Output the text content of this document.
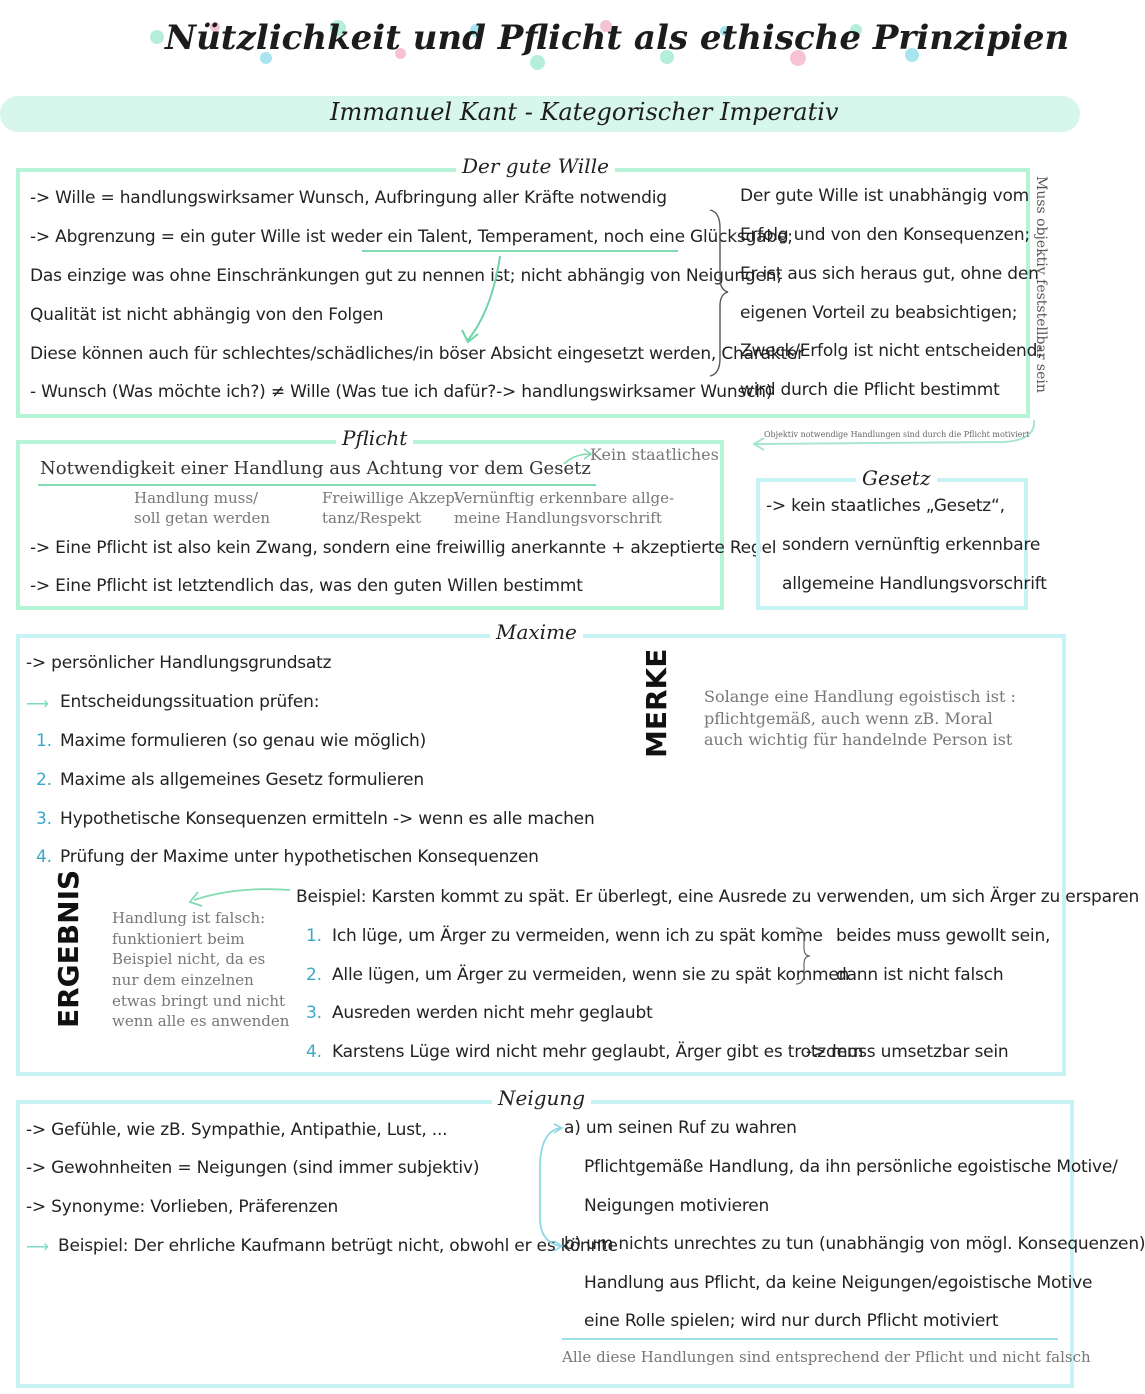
Nützlichkeit und Pflicht als ethische Prinzipien
Immanuel Kant - Kategorischer Imperativ
Der gute Wille
-> Wille = handlungswirksamer Wunsch, Aufbringung aller Kräfte notwendig
-> Abgrenzung = ein guter Wille ist weder ein Talent, Temperament, noch eine Glücksgabe;
Das einzige was ohne Einschränkungen gut zu nennen ist; nicht abhängig von Neigungen;
Qualität ist nicht abhängig von den Folgen
Diese können auch für schlechtes/schädliches/in böser Absicht eingesetzt werden, Charakter
- Wunsch (Was möchte ich?) ≠ Wille (Was tue ich dafür?-> handlungswirksamer Wunsch)
Der gute Wille ist unabhängig vom
Erfolg und von den Konsequenzen;
Er ist aus sich heraus gut, ohne den
eigenen Vorteil zu beabsichtigen;
Zweck/Erfolg ist nicht entscheidend;
wird durch die Pflicht bestimmt Muss objektiv feststellbar sein
Objektiv notwendige Handlungen sind durch die Pflicht motiviert
Pflicht
Notwendigkeit einer Handlung aus Achtung vor dem Gesetz
Kein staatliches
Handlung muss/
soll getan werden
Freiwillige Akzep-
tanz/Respekt
Vernünftig erkennbare allge-
meine Handlungsvorschrift
-> Eine Pflicht ist also kein Zwang, sondern eine freiwillig anerkannte + akzeptierte Regel
-> Eine Pflicht ist letztendlich das, was den guten Willen bestimmt
Gesetz
-> kein staatliches „Gesetz“,
sondern vernünftig erkennbare
allgemeine Handlungsvorschrift
Maxime
-> persönlicher Handlungsgrundsatz
⟶ Entscheidungssituation prüfen:
1. Maxime formulieren (so genau wie möglich)
2. Maxime als allgemeines Gesetz formulieren
3. Hypothetische Konsequenzen ermitteln -> wenn es alle machen
4. Prüfung der Maxime unter hypothetischen Konsequenzen
MERKE Solange eine Handlung egoistisch ist :
pflichtgemäß, auch wenn zB. Moral
auch wichtig für handelnde Person ist
Beispiel: Karsten kommt zu spät. Er überlegt, eine Ausrede zu verwenden, um sich Ärger zu ersparen
ERGEBNIS Handlung ist falsch:
funktioniert beim
Beispiel nicht, da es
nur dem einzelnen
etwas bringt und nicht
wenn alle es anwenden
1. Ich lüge, um Ärger zu vermeiden, wenn ich zu spät komme
2. Alle lügen, um Ärger zu vermeiden, wenn sie zu spät kommen
3. Ausreden werden nicht mehr geglaubt
4. Karstens Lüge wird nicht mehr geglaubt, Ärger gibt es trotzdem
beides muss gewollt sein,
dann ist nicht falsch
-> muss umsetzbar sein
Neigung
-> Gefühle, wie zB. Sympathie, Antipathie, Lust, ...
-> Gewohnheiten = Neigungen (sind immer subjektiv)
-> Synonyme: Vorlieben, Präferenzen
⟶ Beispiel: Der ehrliche Kaufmann betrügt nicht, obwohl er es könnte
a) um seinen Ruf zu wahren
Pflichtgemäße Handlung, da ihn persönliche egoistische Motive/
Neigungen motivieren
b) um nichts unrechtes zu tun (unabhängig von mögl. Konsequenzen)
Handlung aus Pflicht, da keine Neigungen/egoistische Motive
eine Rolle spielen; wird nur durch Pflicht motiviert
Alle diese Handlungen sind entsprechend der Pflicht und nicht falsch
